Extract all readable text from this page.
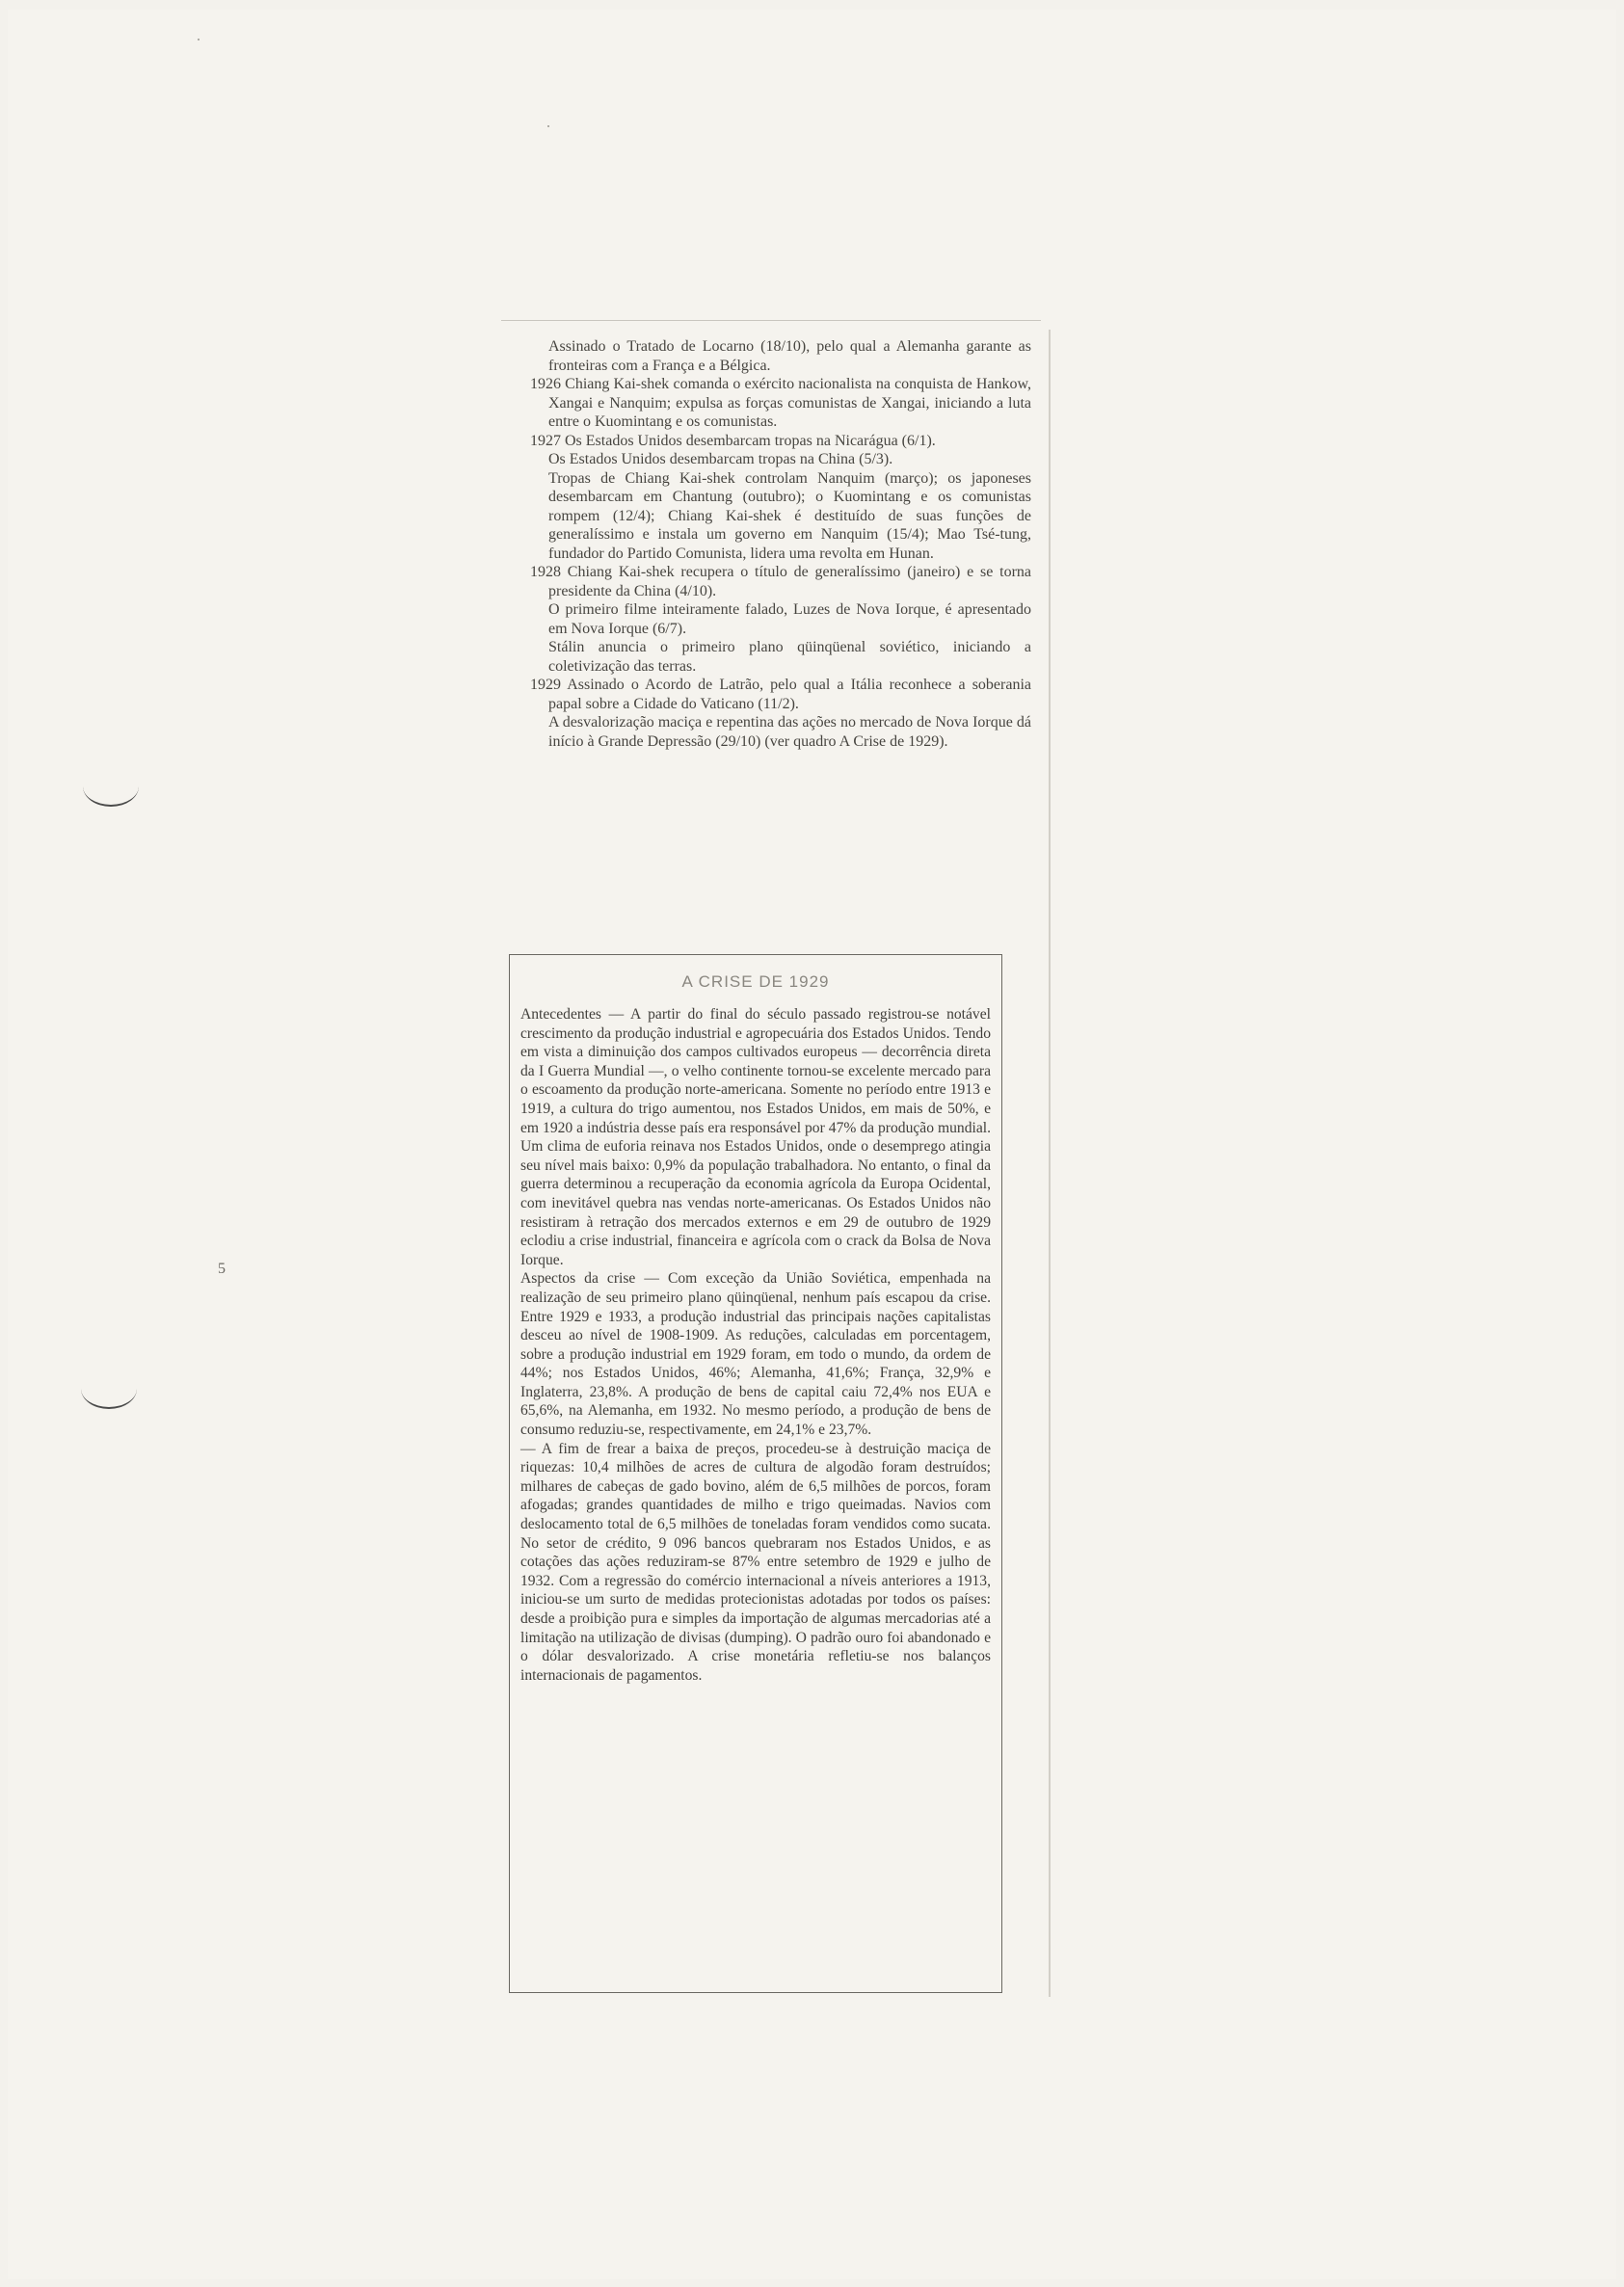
5

Assinado o Tratado de Locarno (18/10), pelo qual a Alemanha garante as fronteiras com a França e a Bélgica.

1926 Chiang Kai-shek comanda o exército nacionalista na conquista de Hankow, Xangai e Nanquim; expulsa as forças comunistas de Xangai, iniciando a luta entre o Kuomintang e os comunistas.

1927 Os Estados Unidos desembarcam tropas na Nicarágua (6/1).

Os Estados Unidos desembarcam tropas na China (5/3).

Tropas de Chiang Kai-shek controlam Nanquim (março); os japoneses desembarcam em Chantung (outubro); o Kuomintang e os comunistas rompem (12/4); Chiang Kai-shek é destituído de suas funções de generalíssimo e instala um governo em Nanquim (15/4); Mao Tsé-tung, fundador do Partido Comunista, lidera uma revolta em Hunan.

1928 Chiang Kai-shek recupera o título de generalíssimo (janeiro) e se torna presidente da China (4/10).

O primeiro filme inteiramente falado, Luzes de Nova Iorque, é apresentado em Nova Iorque (6/7).

Stálin anuncia o primeiro plano qüinqüenal soviético, iniciando a coletivização das terras.

1929 Assinado o Acordo de Latrão, pelo qual a Itália reconhece a soberania papal sobre a Cidade do Vaticano (11/2).

A desvalorização maciça e repentina das ações no mercado de Nova Iorque dá início à Grande Depressão (29/10) (ver quadro A Crise de 1929).

A CRISE DE 1929

Antecedentes — A partir do final do século passado registrou-se notável crescimento da produção industrial e agropecuária dos Estados Unidos. Tendo em vista a diminuição dos campos cultivados europeus — decorrência direta da I Guerra Mundial —, o velho continente tornou-se excelente mercado para o escoamento da produção norte-americana. Somente no período entre 1913 e 1919, a cultura do trigo aumentou, nos Estados Unidos, em mais de 50%, e em 1920 a indústria desse país era responsável por 47% da produção mundial. Um clima de euforia reinava nos Estados Unidos, onde o desemprego atingia seu nível mais baixo: 0,9% da população trabalhadora. No entanto, o final da guerra determinou a recuperação da economia agrícola da Europa Ocidental, com inevitável quebra nas vendas norte-americanas. Os Estados Unidos não resistiram à retração dos mercados externos e em 29 de outubro de 1929 eclodiu a crise industrial, financeira e agrícola com o crack da Bolsa de Nova Iorque.

Aspectos da crise — Com exceção da União Soviética, empenhada na realização de seu primeiro plano qüinqüenal, nenhum país escapou da crise. Entre 1929 e 1933, a produção industrial das principais nações capitalistas desceu ao nível de 1908-1909. As reduções, calculadas em porcentagem, sobre a produção industrial em 1929 foram, em todo o mundo, da ordem de 44%; nos Estados Unidos, 46%; Alemanha, 41,6%; França, 32,9% e Inglaterra, 23,8%. A produção de bens de capital caiu 72,4% nos EUA e 65,6%, na Alemanha, em 1932. No mesmo período, a produção de bens de consumo reduziu-se, respectivamente, em 24,1% e 23,7%.

— A fim de frear a baixa de preços, procedeu-se à destruição maciça de riquezas: 10,4 milhões de acres de cultura de algodão foram destruídos; milhares de cabeças de gado bovino, além de 6,5 milhões de porcos, foram afogadas; grandes quantidades de milho e trigo queimadas. Navios com deslocamento total de 6,5 milhões de toneladas foram vendidos como sucata. No setor de crédito, 9 096 bancos quebraram nos Estados Unidos, e as cotações das ações reduziram-se 87% entre setembro de 1929 e julho de 1932. Com a regressão do comércio internacional a níveis anteriores a 1913, iniciou-se um surto de medidas protecionistas adotadas por todos os países: desde a proibição pura e simples da importação de algumas mercadorias até a limitação na utilização de divisas (dumping). O padrão ouro foi abandonado e o dólar desvalorizado. A crise monetária refletiu-se nos balanços internacionais de pagamentos.
